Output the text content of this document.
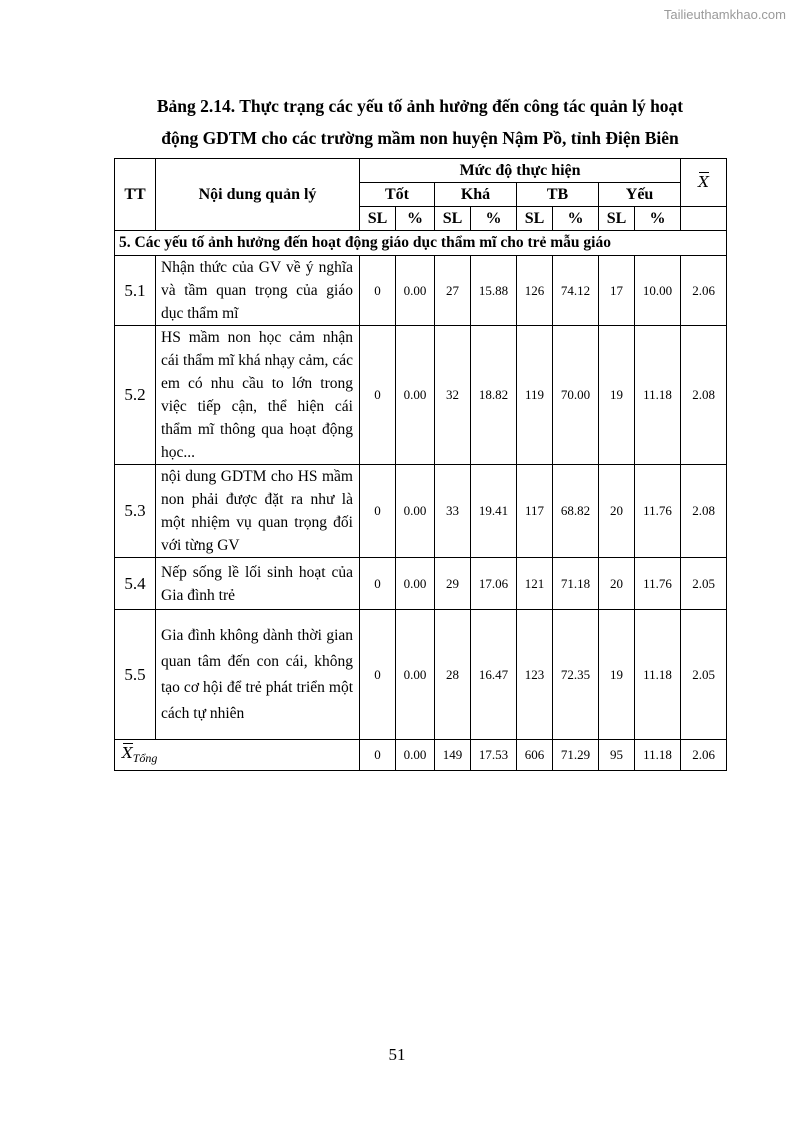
Tailieuthamkhao.com
Bảng 2.14. Thực trạng các yếu tố ảnh hưởng đến công tác quản lý hoạt
động GDTM cho các trường mầm non huyện Nậm Pồ, tỉnh Điện Biên
TT	Nội dung quản lý	Mức độ thực hiện								X
		Tốt		Khá		TB		Yếu		
		SL	%	SL	%	SL	%	SL	%	
5. Các yếu tố ảnh hưởng đến hoạt động giáo dục thẩm mĩ cho trẻ mẫu giáo										
5.1	Nhận thức của GV về ý nghĩa và tầm quan trọng của giáo dục thẩm mĩ	0	0.00	27	15.88	126	74.12	17	10.00	2.06
5.2	HS mầm non học cảm nhận cái thẩm mĩ khá nhạy cảm, các em có nhu cầu to lớn trong việc tiếp cận, thể hiện cái thẩm mĩ thông qua hoạt động học...	0	0.00	32	18.82	119	70.00	19	11.18	2.08
5.3	nội dung GDTM cho HS mầm non phải được đặt ra như là một nhiệm vụ quan trọng đối với từng GV	0	0.00	33	19.41	117	68.82	20	11.76	2.08
5.4	Nếp sống lề lối sinh hoạt của Gia đình trẻ	0	0.00	29	17.06	121	71.18	20	11.76	2.05
5.5	Gia đình không dành thời gian quan tâm đến con cái, không tạo cơ hội để trẻ phát triển một cách tự nhiên	0	0.00	28	16.47	123	72.35	19	11.18	2.05

$X_{Tổng}$		0	0.00	149	17.53	606	71.29	95	11.18	2.06
51
